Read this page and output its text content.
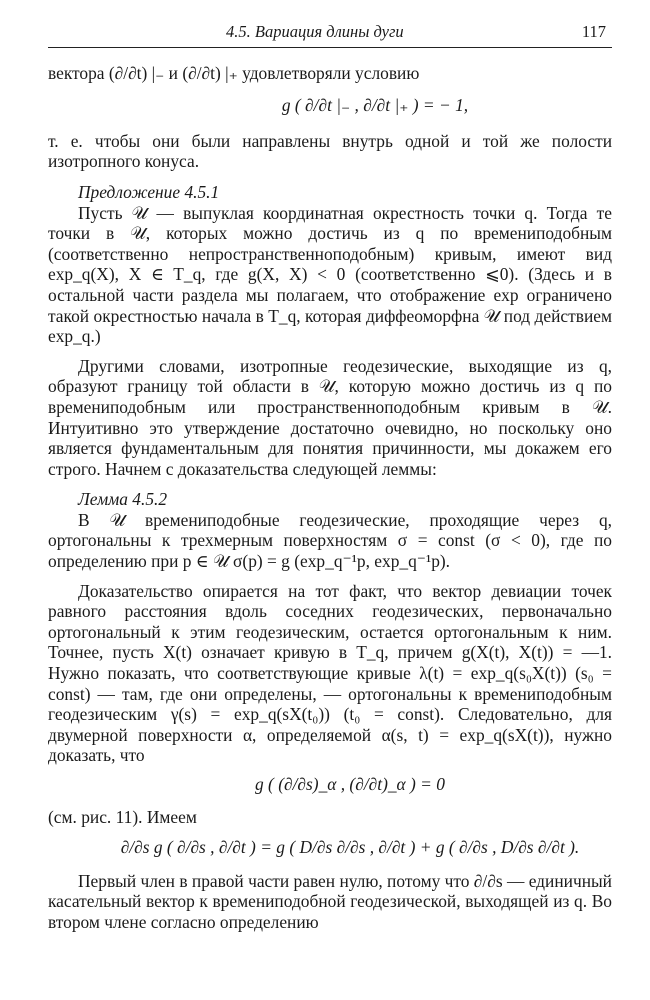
4.5. Вариация длины дуги	117

вектора (∂/∂t) |₋ и (∂/∂t) |₊ удовлетворяли условию

g ( ∂/∂t |₋ , ∂/∂t |₊ ) = − 1,

т. е. чтобы они были направлены внутрь одной и той же полости изотропного конуса.

Предложение 4.5.1

Пусть 𝒰 — выпуклая координатная окрестность точки q. Тогда те точки в 𝒰, которых можно достичь из q по времениподобным (соответственно непространственноподобным) кривым, имеют вид exp_q(X), X ∈ T_q, где g(X, X) < 0 (соответственно ⩽0). (Здесь и в остальной части раздела мы полагаем, что отображение exp ограничено такой окрестностью начала в T_q, которая диффеоморфна 𝒰 под действием exp_q.)

Другими словами, изотропные геодезические, выходящие из q, образуют границу той области в 𝒰, которую можно достичь из q по времениподобным или пространственноподобным кривым в 𝒰. Интуитивно это утверждение достаточно очевидно, но поскольку оно является фундаментальным для понятия причинности, мы докажем его строго. Начнем с доказательства следующей леммы:

Лемма 4.5.2

В 𝒰 времениподобные геодезические, проходящие через q, ортогональны к трехмерным поверхностям σ = const (σ < 0), где по определению при p ∈ 𝒰 σ(p) = g (exp_q⁻¹p, exp_q⁻¹p).

Доказательство опирается на тот факт, что вектор девиации точек равного расстояния вдоль соседних геодезических, первоначально ортогональный к этим геодезическим, остается ортогональным к ним. Точнее, пусть X(t) означает кривую в T_q, причем g(X(t), X(t)) = —1. Нужно показать, что соответствующие кривые λ(t) = exp_q(s₀X(t)) (s₀ = const) — там, где они определены, — ортогональны к времениподобным геодезическим γ(s) = exp_q(sX(t₀)) (t₀ = const). Следовательно, для двумерной поверхности α, определяемой α(s, t) = exp_q(sX(t)), нужно доказать, что

g ( (∂/∂s)_α , (∂/∂t)_α ) = 0

(см. рис. 11). Имеем

∂/∂s g ( ∂/∂s , ∂/∂t ) = g ( D/∂s ∂/∂s , ∂/∂t ) + g ( ∂/∂s , D/∂s ∂/∂t ).

Первый член в правой части равен нулю, потому что ∂/∂s — единичный касательный вектор к времениподобной геодезической, выходящей из q. Во втором члене согласно определению
